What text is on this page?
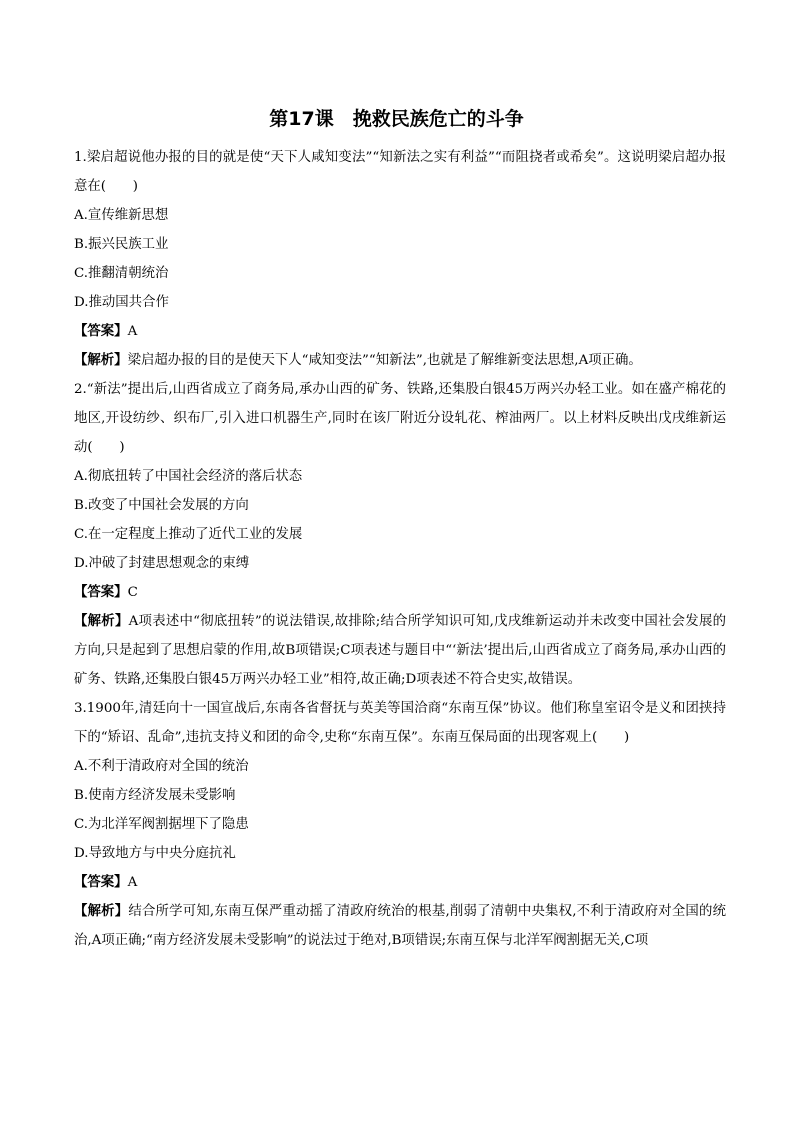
第17课　挽救民族危亡的斗争

1.梁启超说他办报的目的就是使“天下人咸知变法”“知新法之实有利益”“而阻挠者或希矣”。这说明梁启超办报意在(　　)

A.宣传维新思想

B.振兴民族工业

C.推翻清朝统治

D.推动国共合作

【答案】A

【解析】梁启超办报的目的是使天下人“咸知变法”“知新法”,也就是了解维新变法思想,A项正确。

2.“新法”提出后,山西省成立了商务局,承办山西的矿务、铁路,还集股白银45万两兴办轻工业。如在盛产棉花的地区,开设纺纱、织布厂,引入进口机器生产,同时在该厂附近分设轧花、榨油两厂。以上材料反映出戊戌维新运动(　　)

A.彻底扭转了中国社会经济的落后状态

B.改变了中国社会发展的方向

C.在一定程度上推动了近代工业的发展

D.冲破了封建思想观念的束缚

【答案】C

【解析】A项表述中“彻底扭转”的说法错误,故排除;结合所学知识可知,戊戌维新运动并未改变中国社会发展的方向,只是起到了思想启蒙的作用,故B项错误;C项表述与题目中“‘新法’提出后,山西省成立了商务局,承办山西的矿务、铁路,还集股白银45万两兴办轻工业”相符,故正确;D项表述不符合史实,故错误。

3.1900年,清廷向十一国宣战后,东南各省督抚与英美等国洽商“东南互保”协议。他们称皇室诏令是义和团挟持下的“矫诏、乱命”,违抗支持义和团的命令,史称“东南互保”。东南互保局面的出现客观上(　　)

A.不利于清政府对全国的统治

B.使南方经济发展未受影响

C.为北洋军阀割据埋下了隐患

D.导致地方与中央分庭抗礼

【答案】A

【解析】结合所学可知,东南互保严重动摇了清政府统治的根基,削弱了清朝中央集权,不利于清政府对全国的统治,A项正确;“南方经济发展未受影响”的说法过于绝对,B项错误;东南互保与北洋军阀割据无关,C项
